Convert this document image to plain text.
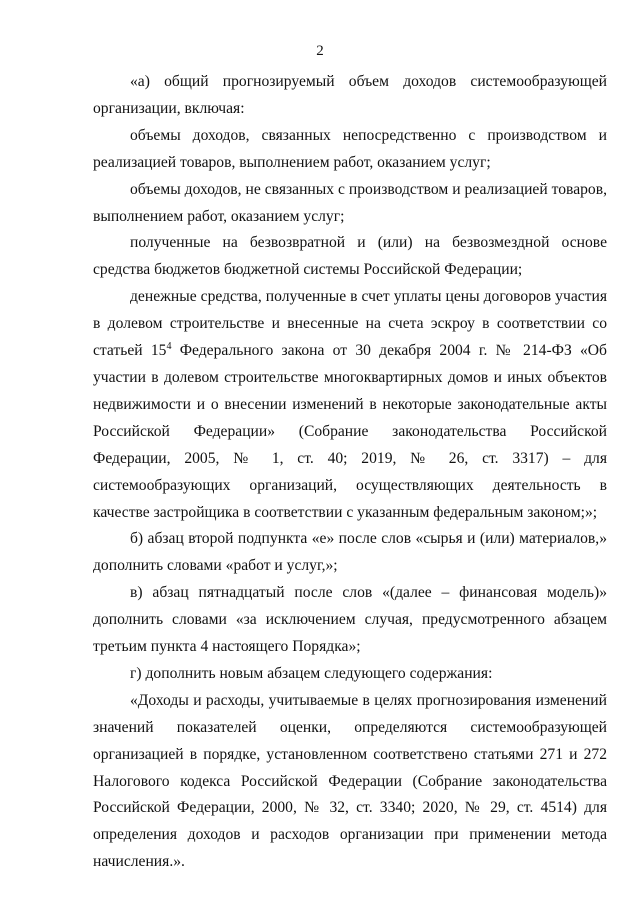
2

«а) общий прогнозируемый объем доходов системообразующей организации, включая:

объемы доходов, связанных непосредственно с производством и реализацией товаров, выполнением работ, оказанием услуг;

объемы доходов, не связанных с производством и реализацией товаров, выполнением работ, оказанием услуг;

полученные на безвозвратной и (или) на безвозмездной основе средства бюджетов бюджетной системы Российской Федерации;

денежные средства, полученные в счет уплаты цены договоров участия в долевом строительстве и внесенные на счета эскроу в соответствии со статьей $15^4$ Федерального закона от 30 декабря 2004 г. № 214-ФЗ «Об участии в долевом строительстве многоквартирных домов и иных объектов недвижимости и о внесении изменений в некоторые законодательные акты Российской Федерации» (Собрание законодательства Российской Федерации, 2005, № 1, ст. 40; 2019, № 26, ст. 3317) – для системообразующих организаций, осуществляющих деятельность в качестве застройщика в соответствии с указанным федеральным законом;»;

б) абзац второй подпункта «е» после слов «сырья и (или) материалов,» дополнить словами «работ и услуг,»;

в) абзац пятнадцатый после слов «(далее – финансовая модель)» дополнить словами «за исключением случая, предусмотренного абзацем третьим пункта 4 настоящего Порядка»;

г) дополнить новым абзацем следующего содержания:

«Доходы и расходы, учитываемые в целях прогнозирования изменений значений показателей оценки, определяются системообразующей организацией в порядке, установленном соответствено статьями 271 и 272 Налогового кодекса Российской Федерации (Собрание законодательства Российской Федерации, 2000, № 32, ст. 3340; 2020, № 29, ст. 4514) для определения доходов и расходов организации при применении метода начисления.».
